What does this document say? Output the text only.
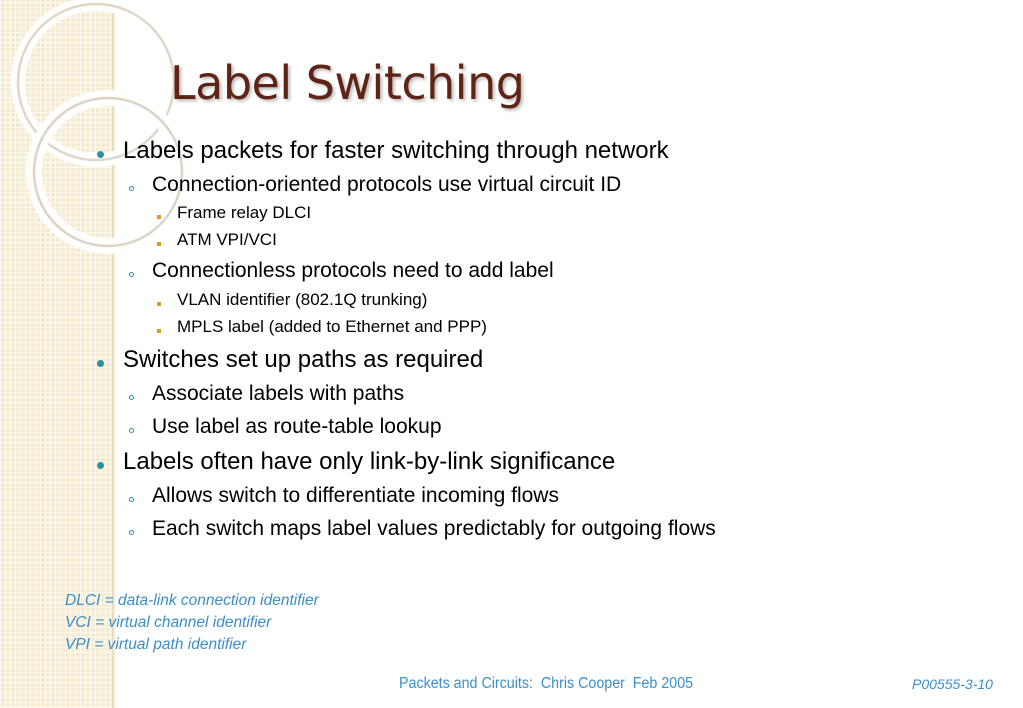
Label Switching
Labels packets for faster switching through network
Connection-oriented protocols use virtual circuit ID
Frame relay DLCI
ATM VPI/VCI
Connectionless protocols need to add label
VLAN identifier (802.1Q trunking)
MPLS label (added to Ethernet and PPP)
Switches set up paths as required
Associate labels with paths
Use label as route-table lookup
Labels often have only link-by-link significance
Allows switch to differentiate incoming flows
Each switch maps label values predictably for outgoing flows
DLCI = data-link connection identifier
VCI = virtual channel identifier
VPI = virtual path identifier
Packets and Circuits:  Chris Cooper  Feb 2005	P00555-3-10
